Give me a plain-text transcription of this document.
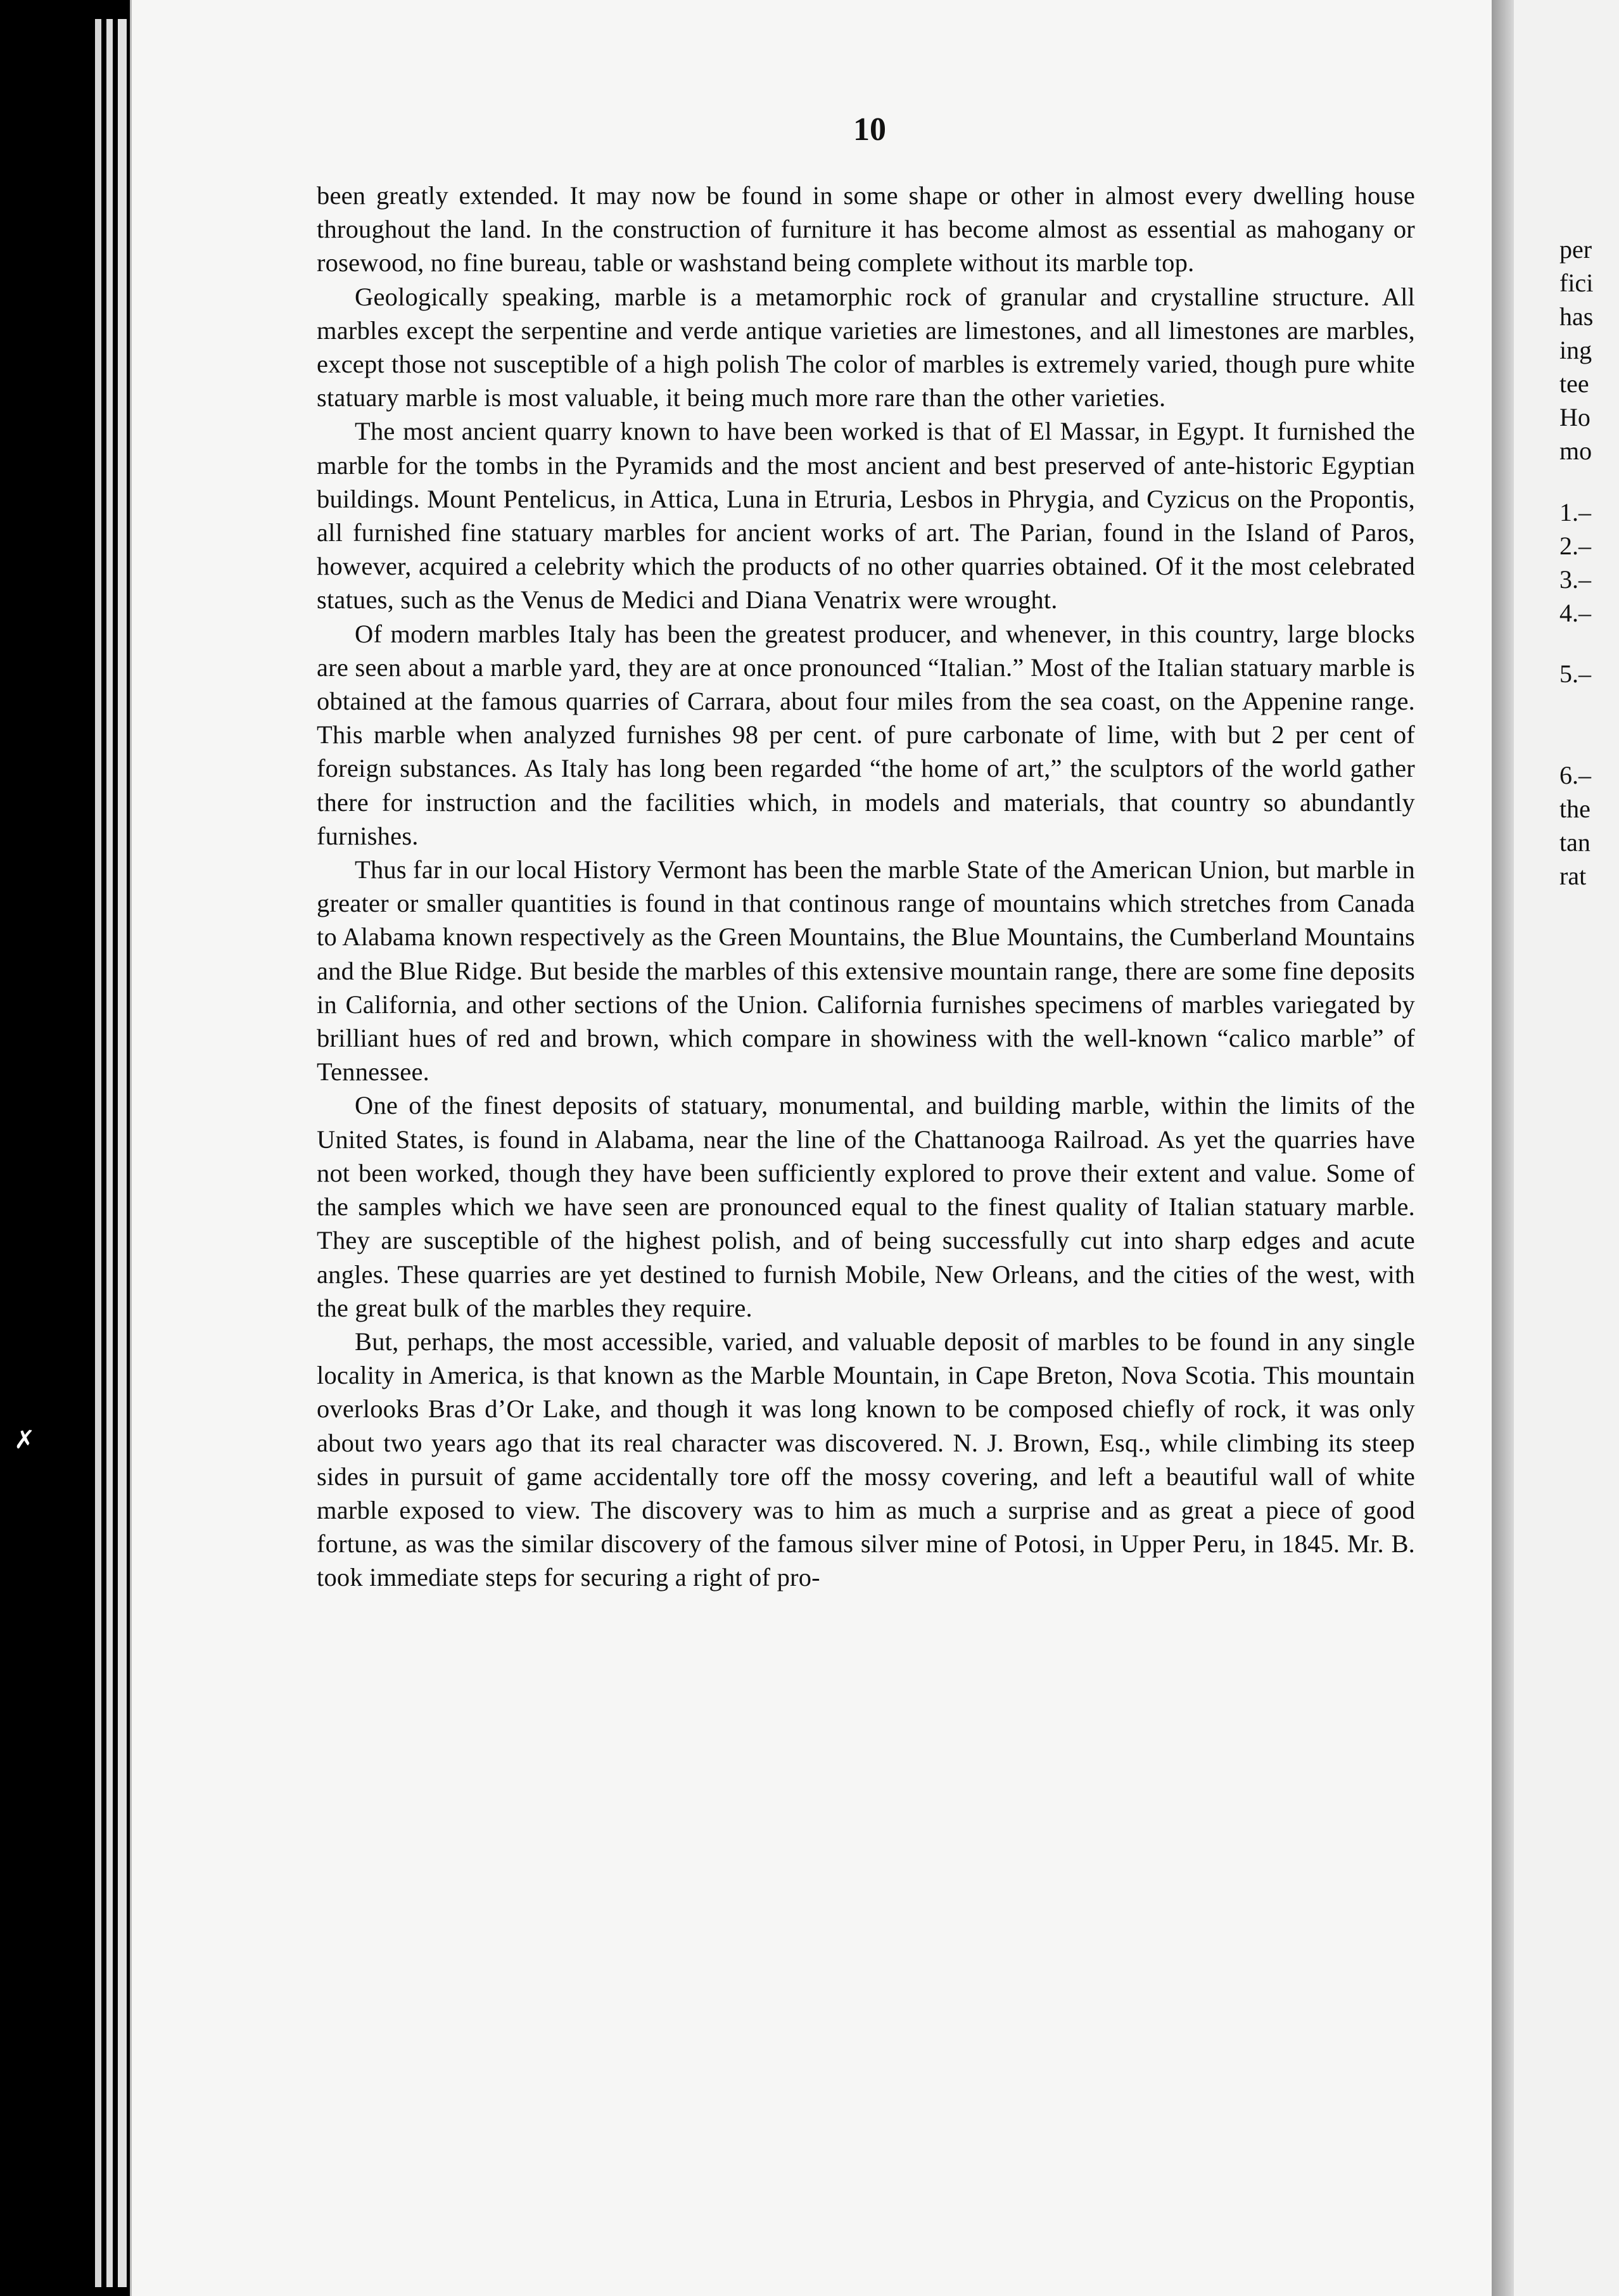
10

been greatly extended. It may now be found in some shape or other in almost every dwelling house throughout the land. In the construction of furniture it has become almost as essential as mahogany or rosewood, no fine bureau, table or washstand being complete without its marble top.

Geologically speaking, marble is a metamorphic rock of granular and crystalline structure. All marbles except the serpentine and verde antique varieties are limestones, and all limestones are marbles, except those not susceptible of a high polish The color of marbles is extremely varied, though pure white statuary marble is most valuable, it being much more rare than the other varieties.

The most ancient quarry known to have been worked is that of El Massar, in Egypt. It furnished the marble for the tombs in the Pyramids and the most ancient and best preserved of ante-historic Egyptian buildings. Mount Pentelicus, in Attica, Luna in Etruria, Lesbos in Phrygia, and Cyzicus on the Propontis, all furnished fine statuary marbles for ancient works of art. The Parian, found in the Island of Paros, however, acquired a celebrity which the products of no other quarries obtained. Of it the most celebrated statues, such as the Venus de Medici and Diana Venatrix were wrought.

Of modern marbles Italy has been the greatest producer, and whenever, in this country, large blocks are seen about a marble yard, they are at once pronounced “Italian.” Most of the Italian statuary marble is obtained at the famous quarries of Carrara, about four miles from the sea coast, on the Appenine range. This marble when analyzed furnishes 98 per cent. of pure carbonate of lime, with but 2 per cent of foreign substances. As Italy has long been regarded “the home of art,” the sculptors of the world gather there for instruction and the facilities which, in models and materials, that country so abundantly furnishes.

Thus far in our local History Vermont has been the marble State of the American Union, but marble in greater or smaller quantities is found in that continous range of mountains which stretches from Canada to Alabama known respectively as the Green Mountains, the Blue Mountains, the Cumberland Mountains and the Blue Ridge. But beside the marbles of this extensive mountain range, there are some fine deposits in California, and other sections of the Union. California furnishes specimens of marbles variegated by brilliant hues of red and brown, which compare in showiness with the well-known “calico marble” of Tennessee.

One of the finest deposits of statuary, monumental, and building marble, within the limits of the United States, is found in Alabama, near the line of the Chattanooga Railroad. As yet the quarries have not been worked, though they have been sufficiently explored to prove their extent and value. Some of the samples which we have seen are pronounced equal to the finest quality of Italian statuary marble. They are susceptible of the highest polish, and of being successfully cut into sharp edges and acute angles. These quarries are yet destined to furnish Mobile, New Orleans, and the cities of the west, with the great bulk of the marbles they require.

But, perhaps, the most accessible, varied, and valuable deposit of marbles to be found in any single locality in America, is that known as the Marble Mountain, in Cape Breton, Nova Scotia. This mountain overlooks Bras d’Or Lake, and though it was long known to be composed chiefly of rock, it was only about two years ago that its real character was discovered. N. J. Brown, Esq., while climbing its steep sides in pursuit of game accidentally tore off the mossy covering, and left a beautiful wall of white marble exposed to view. The discovery was to him as much a surprise and as great a piece of good fortune, as was the similar discovery of the famous silver mine of Potosi, in Upper Peru, in 1845. Mr. B. took immediate steps for securing a right of pro-

per
fici
has
ing
tee
Ho
mo
1.–
2.–
3.–
4.–
5.–
6.–
the
tan
rat
✗
